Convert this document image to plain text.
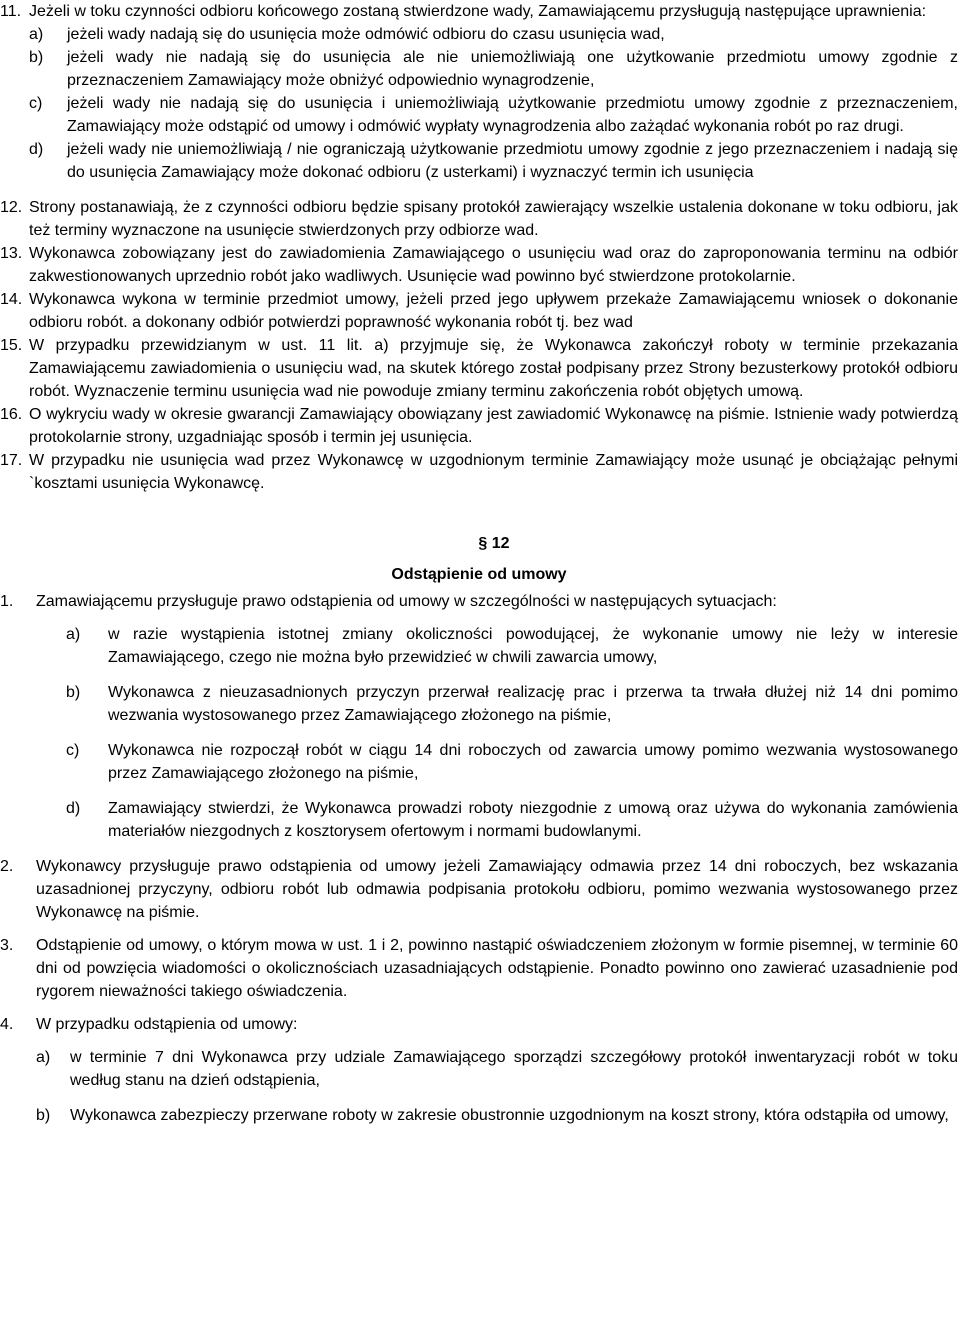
11. Jeżeli w toku czynności odbioru końcowego zostaną stwierdzone wady, Zamawiającemu przysługują następujące uprawnienia:
a)	jeżeli wady nadają się do usunięcia może odmówić odbioru do czasu usunięcia wad,
b)	jeżeli wady nie nadają się do usunięcia ale nie uniemożliwiają one użytkowanie przedmiotu umowy zgodnie z przeznaczeniem Zamawiający może obniżyć odpowiednio wynagrodzenie,
c)	jeżeli wady nie nadają się do usunięcia i uniemożliwiają użytkowanie przedmiotu umowy zgodnie z przeznaczeniem, Zamawiający może odstąpić od umowy i odmówić wypłaty wynagrodzenia albo zażądać wykonania robót po raz drugi.
d)	jeżeli wady nie uniemożliwiają / nie ograniczają użytkowanie przedmiotu umowy zgodnie z jego przeznaczeniem i nadają się do usunięcia Zamawiający może dokonać odbioru (z usterkami) i wyznaczyć termin ich usunięcia
12. Strony postanawiają, że z czynności odbioru będzie spisany protokół zawierający wszelkie ustalenia dokonane w toku odbioru, jak też terminy wyznaczone na usunięcie stwierdzonych przy odbiorze wad.
13. Wykonawca zobowiązany jest do zawiadomienia Zamawiającego o usunięciu wad oraz do zaproponowania terminu na odbiór zakwestionowanych uprzednio robót jako wadliwych. Usunięcie wad powinno być stwierdzone protokolarnie.
14. Wykonawca wykona w terminie przedmiot umowy, jeżeli przed jego upływem przekaże Zamawiającemu wniosek o dokonanie odbioru robót. a dokonany odbiór potwierdzi poprawność wykonania robót tj. bez wad
15. W przypadku przewidzianym w ust. 11 lit. a) przyjmuje się, że Wykonawca zakończył roboty w terminie przekazania Zamawiającemu zawiadomienia o usunięciu wad, na skutek którego został podpisany przez Strony bezusterkowy protokół odbioru robót. Wyznaczenie terminu usunięcia wad nie powoduje zmiany terminu zakończenia robót objętych umową.
16. O wykryciu wady w okresie gwarancji Zamawiający obowiązany jest zawiadomić Wykonawcę na piśmie. Istnienie wady potwierdzą protokolarnie strony, uzgadniając sposób i termin jej usunięcia.
17. W przypadku nie usunięcia wad przez Wykonawcę w uzgodnionym terminie Zamawiający może usunąć je obciążając pełnymi `kosztami usunięcia Wykonawcę.
§ 12
Odstąpienie od umowy
1.	Zamawiającemu przysługuje prawo odstąpienia od umowy w szczególności w następujących sytuacjach:
a)	w razie wystąpienia istotnej zmiany okoliczności powodującej, że wykonanie umowy nie leży w interesie Zamawiającego, czego nie można było przewidzieć w chwili zawarcia umowy,
b)	Wykonawca z nieuzasadnionych przyczyn przerwał realizację prac i przerwa ta trwała dłużej niż 14 dni pomimo wezwania wystosowanego przez Zamawiającego złożonego na piśmie,
c)	Wykonawca nie rozpoczął robót w ciągu 14 dni roboczych od zawarcia umowy pomimo wezwania wystosowanego przez Zamawiającego złożonego na piśmie,
d)	Zamawiający stwierdzi, że Wykonawca prowadzi roboty niezgodnie z umową oraz używa do wykonania zamówienia materiałów niezgodnych z kosztorysem ofertowym i normami budowlanymi.
2.	Wykonawcy przysługuje prawo odstąpienia od umowy jeżeli Zamawiający odmawia przez 14 dni roboczych, bez wskazania uzasadnionej przyczyny, odbioru robót lub odmawia podpisania protokołu odbioru, pomimo wezwania wystosowanego przez Wykonawcę na piśmie.
3.	Odstąpienie od umowy, o którym mowa w ust. 1 i 2, powinno nastąpić oświadczeniem złożonym w formie pisemnej, w terminie 60 dni od powzięcia wiadomości o okolicznościach uzasadniających odstąpienie. Ponadto powinno ono zawierać uzasadnienie pod rygorem nieważności takiego oświadczenia.
4.	W przypadku odstąpienia od umowy:
a)	w terminie 7 dni Wykonawca przy udziale Zamawiającego sporządzi szczegółowy protokół inwentaryzacji robót w toku według stanu na dzień odstąpienia,
b)	Wykonawca zabezpieczy przerwane roboty w zakresie obustronnie uzgodnionym na koszt strony, która odstąpiła od umowy,
